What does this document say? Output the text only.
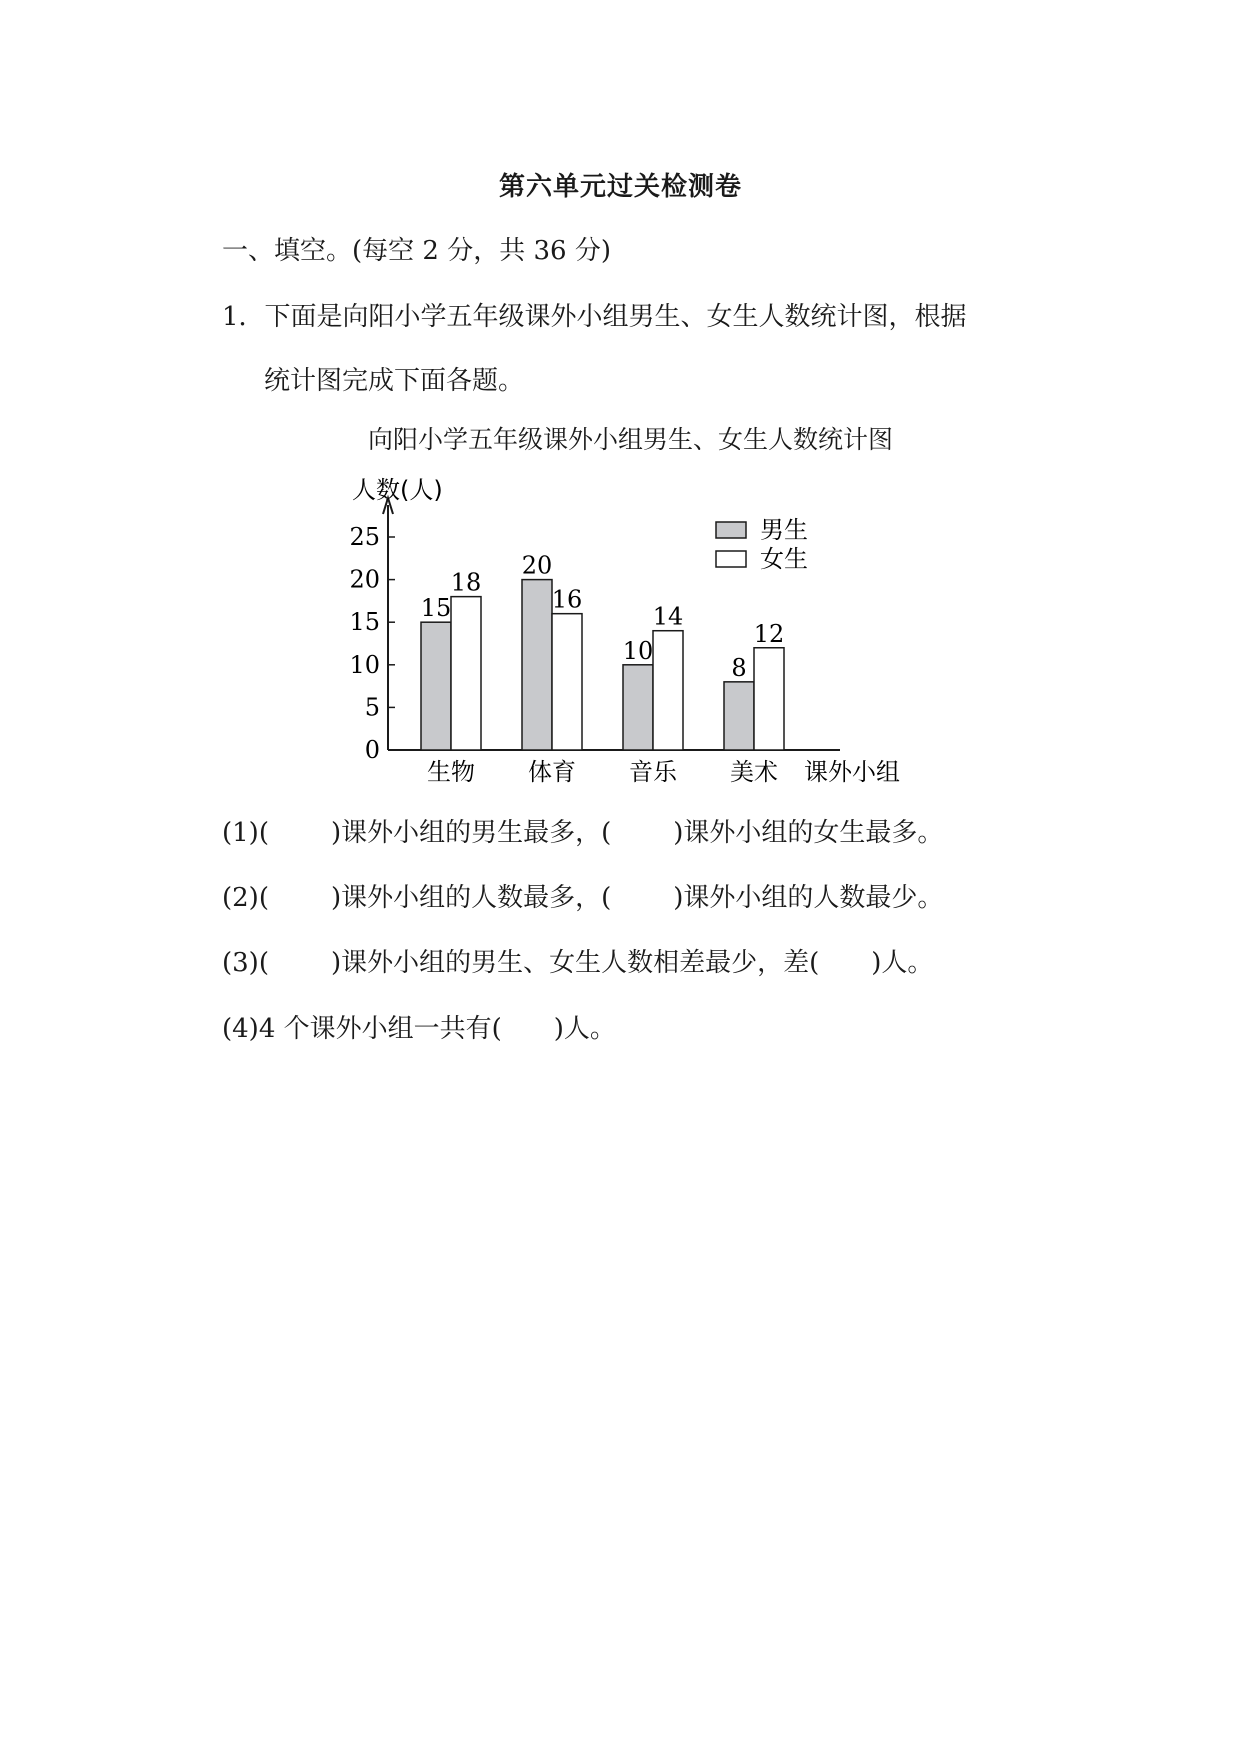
第六单元过关检测卷
一、填空。(每空 2 分，共 36 分)
1．下面是向阳小学五年级课外小组男生、女生人数统计图，根据
统计图完成下面各题。
向阳小学五年级课外小组男生、女生人数统计图
人数(人)
课外小组
男生
女生
0
5
10
15
20
25
15
18
生物
20
16
体育
10
14
音乐
8
12
美术
(1)( )课外小组的男生最多，( )课外小组的女生最多。
(2)( )课外小组的人数最多，( )课外小组的人数最少。
(3)( )课外小组的男生、女生人数相差最少，差( )人。
(4)4 个课外小组一共有( )人。
